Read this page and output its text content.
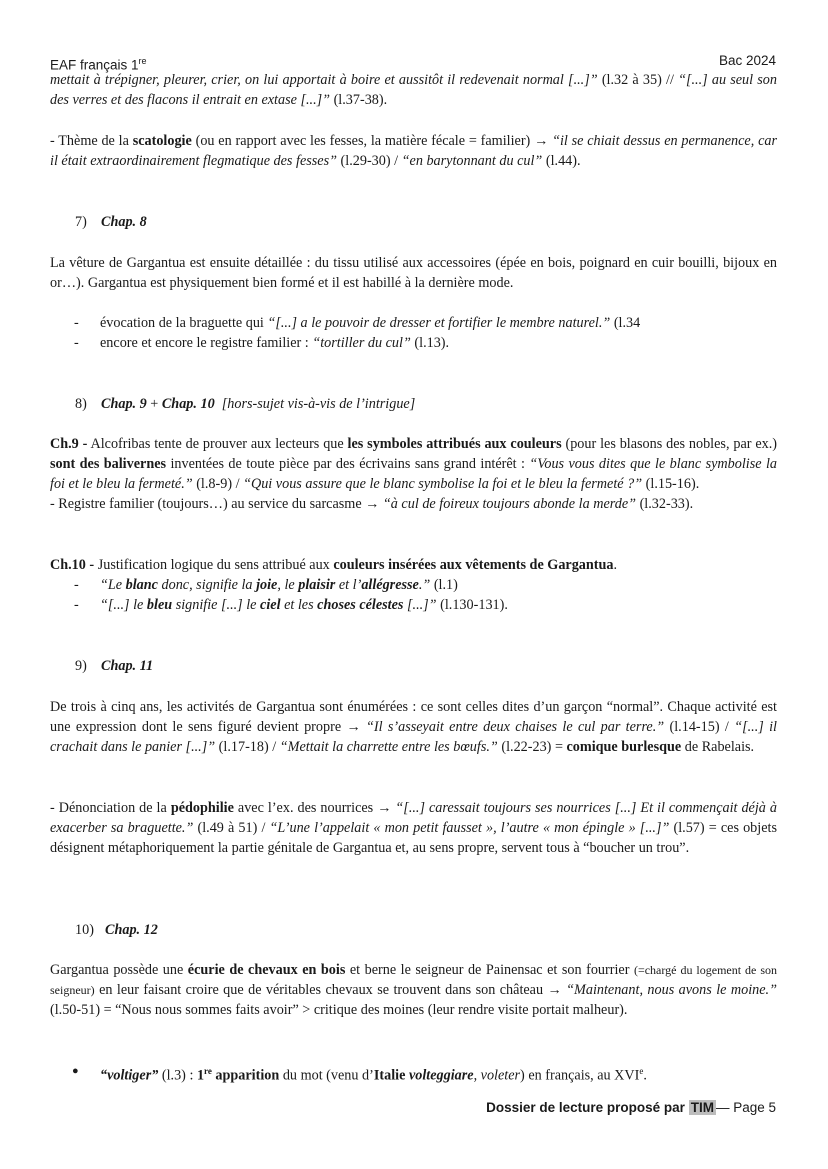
EAF français 1re	Bac 2024

mettait à trépigner, pleurer, crier, on lui apportait à boire et aussitôt il redevenait normal [...]” (l.32 à 35) // “[...] au seul son des verres et des flacons il entrait en extase [...]” (l.37-38).

- Thème de la scatologie (ou en rapport avec les fesses, la matière fécale = familier) → “il se chiait dessus en permanence, car il était extraordinairement flegmatique des fesses” (l.29-30) / “en barytonnant du cul” (l.44).

7) Chap. 8

La vêture de Gargantua est ensuite détaillée : du tissu utilisé aux accessoires (épée en bois, poignard en cuir bouilli, bijoux en or…). Gargantua est physiquement bien formé et il est habillé à la dernière mode.

- évocation de la braguette qui “[...] a le pouvoir de dresser et fortifier le membre naturel.” (l.34
- encore et encore le registre familier : “tortiller du cul” (l.13).
8) Chap. 9 + Chap. 10  [hors-sujet vis-à-vis de l’intrigue]

Ch.9 - Alcofribas tente de prouver aux lecteurs que les symboles attribués aux couleurs (pour les blasons des nobles, par ex.) sont des balivernes inventées de toute pièce par des écrivains sans grand intérêt : “Vous vous dites que le blanc symbolise la foi et le bleu la fermeté.” (l.8-9) / “Qui vous assure que le blanc symbolise la foi et le bleu la fermeté ?” (l.15-16).

- Registre familier (toujours…) au service du sarcasme → “à cul de foireux toujours abonde la merde” (l.32-33).

Ch.10 - Justification logique du sens attribué aux couleurs insérées aux vêtements de Gargantua.

- “Le blanc donc, signifie la joie, le plaisir et l’allégresse.” (l.1)
- “[...] le bleu signifie [...] le ciel et les choses célestes [...]” (l.130-131).
9) Chap. 11

De trois à cinq ans, les activités de Gargantua sont énumérées : ce sont celles dites d’un garçon “normal”. Chaque activité est une expression dont le sens figuré devient propre → “Il s’asseyait entre deux chaises le cul par terre.” (l.14-15) / “[...] il crachait dans le panier [...]” (l.17-18) / “Mettait la charrette entre les bœufs.” (l.22-23) = comique burlesque de Rabelais.

- Dénonciation de la pédophilie avec l’ex. des nourrices → “[...] caressait toujours ses nourrices [...] Et il commençait déjà à exacerber sa braguette.” (l.49 à 51) / “L’une l’appelait « mon petit fausset », l’autre « mon épingle » [...]” (l.57) = ces objets désignent métaphoriquement la partie génitale de Gargantua et, au sens propre, servent tous à “boucher un trou”.

10) Chap. 12

Gargantua possède une écurie de chevaux en bois et berne le seigneur de Painensac et son fourrier (=chargé du logement de son seigneur) en leur faisant croire que de véritables chevaux se trouvent dans son château → “Maintenant, nous avons le moine.” (l.50-51) = “Nous nous sommes faits avoir” > critique des moines (leur rendre visite portait malheur).

● “voltiger” (l.3) : 1re apparition du mot (venu d’Italie volteggiare, voleter) en français, au XVIe.
Dossier de lecture proposé par TIM — Page 5
